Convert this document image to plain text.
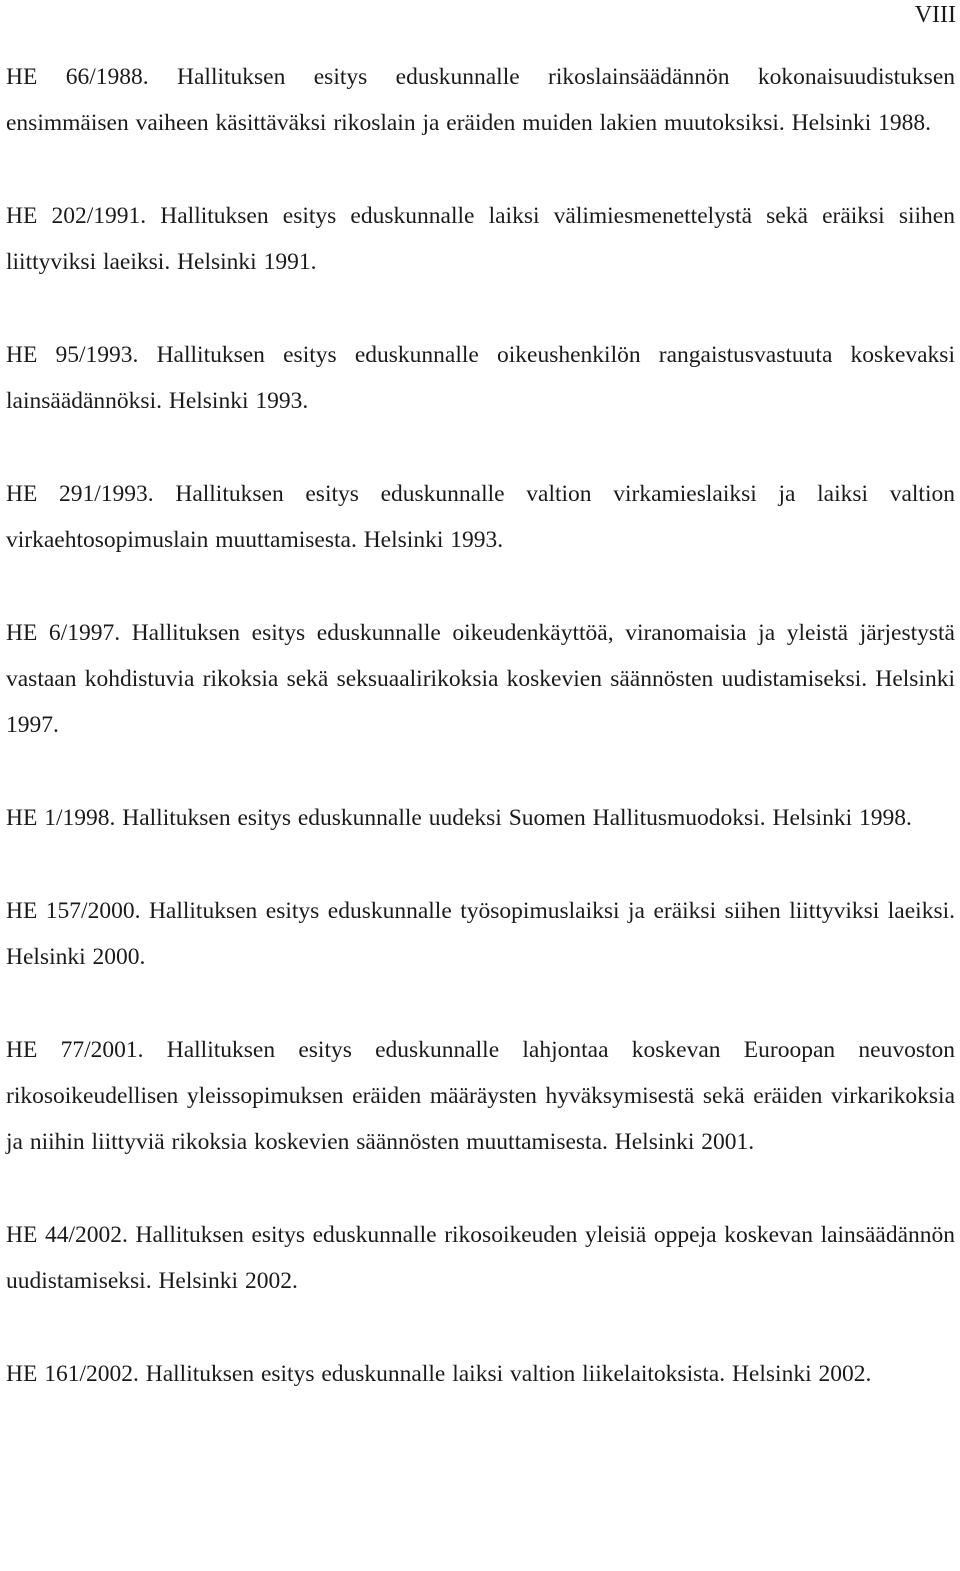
VIII

HE 66/1988. Hallituksen esitys eduskunnalle rikoslainsäädännön kokonaisuudistuksen ensimmäisen vaiheen käsittäväksi rikoslain ja eräiden muiden lakien muutoksiksi. Helsinki 1988.

HE 202/1991. Hallituksen esitys eduskunnalle laiksi välimiesmenettelystä sekä eräiksi siihen liittyviksi laeiksi. Helsinki 1991.

HE 95/1993. Hallituksen esitys eduskunnalle oikeushenkilön rangaistusvastuuta koskevaksi lainsäädännöksi. Helsinki 1993.

HE 291/1993. Hallituksen esitys eduskunnalle valtion virkamieslaiksi ja laiksi valtion virkaehtosopimuslain muuttamisesta. Helsinki 1993.

HE 6/1997. Hallituksen esitys eduskunnalle oikeudenkäyttöä, viranomaisia ja yleistä järjestystä vastaan kohdistuvia rikoksia sekä seksuaalirikoksia koskevien säännösten uudistamiseksi. Helsinki 1997.

HE 1/1998. Hallituksen esitys eduskunnalle uudeksi Suomen Hallitusmuodoksi. Helsinki 1998.

HE 157/2000. Hallituksen esitys eduskunnalle työsopimuslaiksi ja eräiksi siihen liittyviksi laeiksi. Helsinki 2000.

HE 77/2001. Hallituksen esitys eduskunnalle lahjontaa koskevan Euroopan neuvoston rikosoikeudellisen yleissopimuksen eräiden määräysten hyväksymisestä sekä eräiden virkarikoksia ja niihin liittyviä rikoksia koskevien säännösten muuttamisesta. Helsinki 2001.

HE 44/2002. Hallituksen esitys eduskunnalle rikosoikeuden yleisiä oppeja koskevan lainsäädännön uudistamiseksi. Helsinki 2002.

HE 161/2002. Hallituksen esitys eduskunnalle laiksi valtion liikelaitoksista. Helsinki 2002.
